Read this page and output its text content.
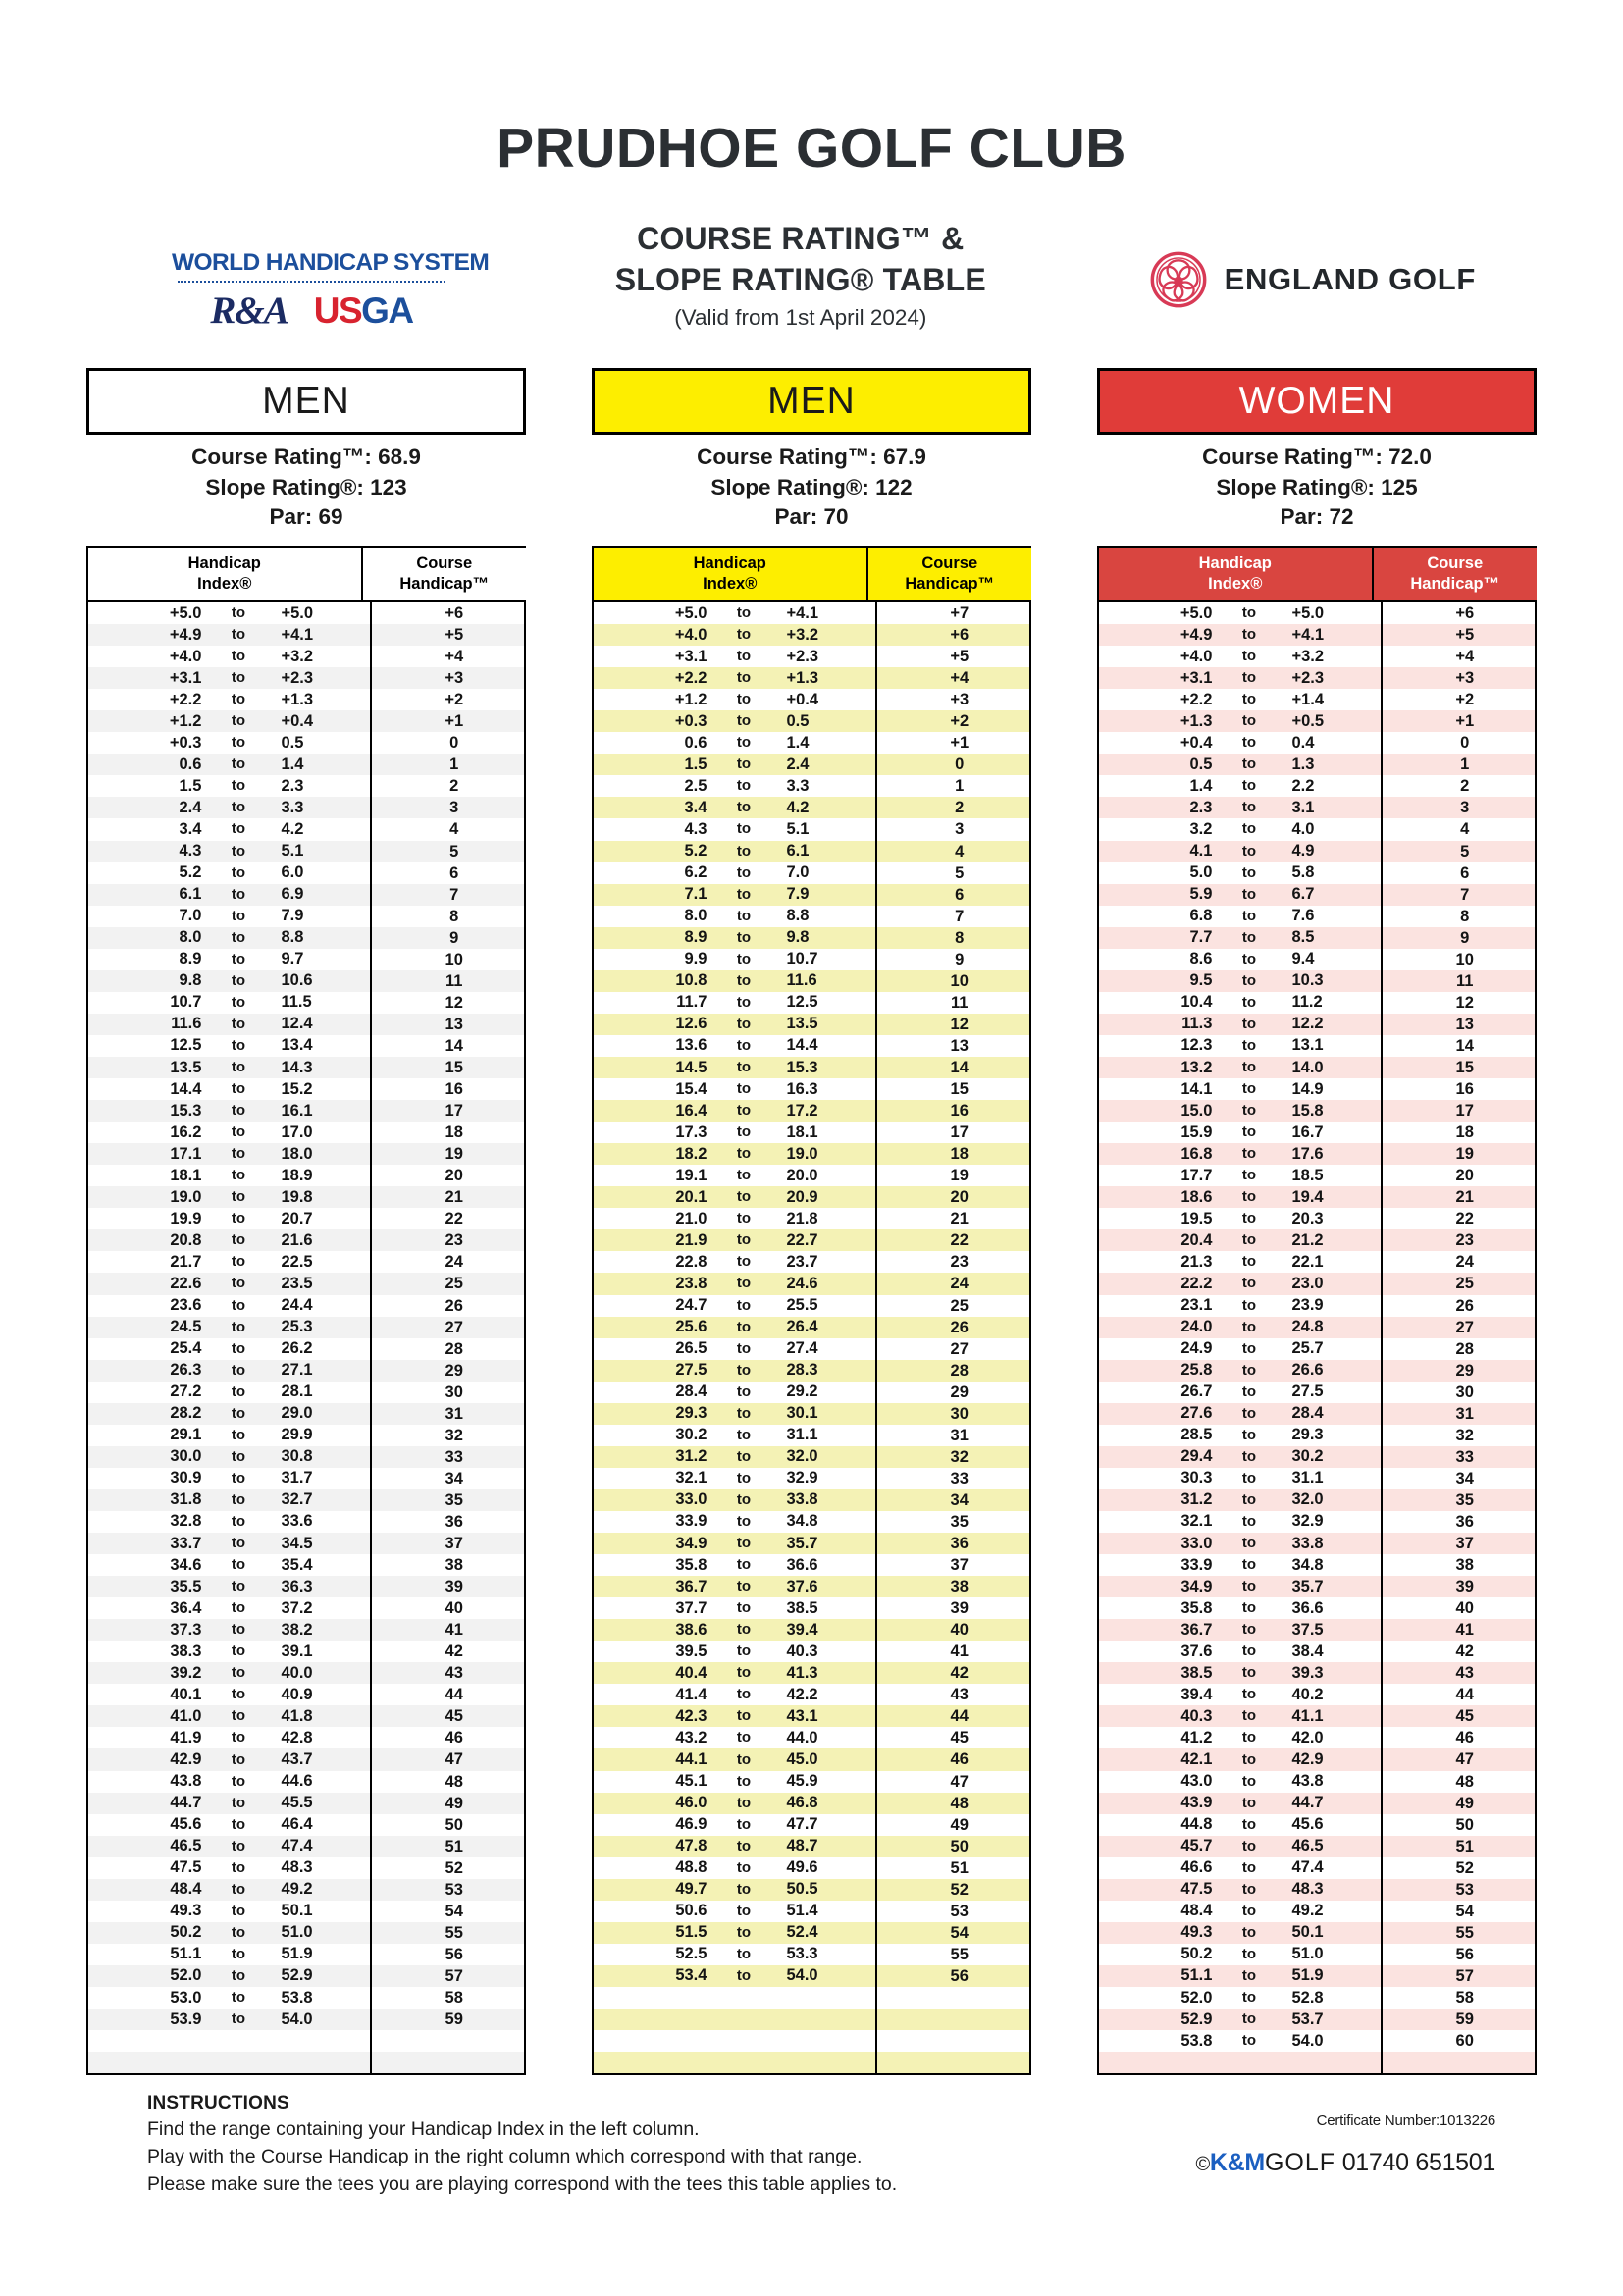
PRUDHOE GOLF CLUB
WORLD HANDICAP SYSTEM
R&A US GA
COURSE RATING™ &
SLOPE RATING® TABLE
(Valid from 1st April 2024)
ENGLAND GOLF
MEN
Course Rating™: 68.9
Slope Rating®: 123
Par: 69
Handicap
Index®
Course
Handicap™
+5.0	to	+5.0	+6
+4.9	to	+4.1	+5
+4.0	to	+3.2	+4
+3.1	to	+2.3	+3
+2.2	to	+1.3	+2
+1.2	to	+0.4	+1
+0.3	to	0.5	0
0.6	to	1.4	1
1.5	to	2.3	2
2.4	to	3.3	3
3.4	to	4.2	4
4.3	to	5.1	5
5.2	to	6.0	6
6.1	to	6.9	7
7.0	to	7.9	8
8.0	to	8.8	9
8.9	to	9.7	10
9.8	to	10.6	11
10.7	to	11.5	12
11.6	to	12.4	13
12.5	to	13.4	14
13.5	to	14.3	15
14.4	to	15.2	16
15.3	to	16.1	17
16.2	to	17.0	18
17.1	to	18.0	19
18.1	to	18.9	20
19.0	to	19.8	21
19.9	to	20.7	22
20.8	to	21.6	23
21.7	to	22.5	24
22.6	to	23.5	25
23.6	to	24.4	26
24.5	to	25.3	27
25.4	to	26.2	28
26.3	to	27.1	29
27.2	to	28.1	30
28.2	to	29.0	31
29.1	to	29.9	32
30.0	to	30.8	33
30.9	to	31.7	34
31.8	to	32.7	35
32.8	to	33.6	36
33.7	to	34.5	37
34.6	to	35.4	38
35.5	to	36.3	39
36.4	to	37.2	40
37.3	to	38.2	41
38.3	to	39.1	42
39.2	to	40.0	43
40.1	to	40.9	44
41.0	to	41.8	45
41.9	to	42.8	46
42.9	to	43.7	47
43.8	to	44.6	48
44.7	to	45.5	49
45.6	to	46.4	50
46.5	to	47.4	51
47.5	to	48.3	52
48.4	to	49.2	53
49.3	to	50.1	54
50.2	to	51.0	55
51.1	to	51.9	56
52.0	to	52.9	57
53.0	to	53.8	58
53.9	to	54.0	59
MEN
Course Rating™: 67.9
Slope Rating®: 122
Par: 70
Handicap
Index®
Course
Handicap™
+5.0	to	+4.1	+7
+4.0	to	+3.2	+6
+3.1	to	+2.3	+5
+2.2	to	+1.3	+4
+1.2	to	+0.4	+3
+0.3	to	0.5	+2
0.6	to	1.4	+1
1.5	to	2.4	0
2.5	to	3.3	1
3.4	to	4.2	2
4.3	to	5.1	3
5.2	to	6.1	4
6.2	to	7.0	5
7.1	to	7.9	6
8.0	to	8.8	7
8.9	to	9.8	8
9.9	to	10.7	9
10.8	to	11.6	10
11.7	to	12.5	11
12.6	to	13.5	12
13.6	to	14.4	13
14.5	to	15.3	14
15.4	to	16.3	15
16.4	to	17.2	16
17.3	to	18.1	17
18.2	to	19.0	18
19.1	to	20.0	19
20.1	to	20.9	20
21.0	to	21.8	21
21.9	to	22.7	22
22.8	to	23.7	23
23.8	to	24.6	24
24.7	to	25.5	25
25.6	to	26.4	26
26.5	to	27.4	27
27.5	to	28.3	28
28.4	to	29.2	29
29.3	to	30.1	30
30.2	to	31.1	31
31.2	to	32.0	32
32.1	to	32.9	33
33.0	to	33.8	34
33.9	to	34.8	35
34.9	to	35.7	36
35.8	to	36.6	37
36.7	to	37.6	38
37.7	to	38.5	39
38.6	to	39.4	40
39.5	to	40.3	41
40.4	to	41.3	42
41.4	to	42.2	43
42.3	to	43.1	44
43.2	to	44.0	45
44.1	to	45.0	46
45.1	to	45.9	47
46.0	to	46.8	48
46.9	to	47.7	49
47.8	to	48.7	50
48.8	to	49.6	51
49.7	to	50.5	52
50.6	to	51.4	53
51.5	to	52.4	54
52.5	to	53.3	55
53.4	to	54.0	56
WOMEN
Course Rating™: 72.0
Slope Rating®: 125
Par: 72
Handicap
Index®
Course
Handicap™
+5.0	to	+5.0	+6
+4.9	to	+4.1	+5
+4.0	to	+3.2	+4
+3.1	to	+2.3	+3
+2.2	to	+1.4	+2
+1.3	to	+0.5	+1
+0.4	to	0.4	0
0.5	to	1.3	1
1.4	to	2.2	2
2.3	to	3.1	3
3.2	to	4.0	4
4.1	to	4.9	5
5.0	to	5.8	6
5.9	to	6.7	7
6.8	to	7.6	8
7.7	to	8.5	9
8.6	to	9.4	10
9.5	to	10.3	11
10.4	to	11.2	12
11.3	to	12.2	13
12.3	to	13.1	14
13.2	to	14.0	15
14.1	to	14.9	16
15.0	to	15.8	17
15.9	to	16.7	18
16.8	to	17.6	19
17.7	to	18.5	20
18.6	to	19.4	21
19.5	to	20.3	22
20.4	to	21.2	23
21.3	to	22.1	24
22.2	to	23.0	25
23.1	to	23.9	26
24.0	to	24.8	27
24.9	to	25.7	28
25.8	to	26.6	29
26.7	to	27.5	30
27.6	to	28.4	31
28.5	to	29.3	32
29.4	to	30.2	33
30.3	to	31.1	34
31.2	to	32.0	35
32.1	to	32.9	36
33.0	to	33.8	37
33.9	to	34.8	38
34.9	to	35.7	39
35.8	to	36.6	40
36.7	to	37.5	41
37.6	to	38.4	42
38.5	to	39.3	43
39.4	to	40.2	44
40.3	to	41.1	45
41.2	to	42.0	46
42.1	to	42.9	47
43.0	to	43.8	48
43.9	to	44.7	49
44.8	to	45.6	50
45.7	to	46.5	51
46.6	to	47.4	52
47.5	to	48.3	53
48.4	to	49.2	54
49.3	to	50.1	55
50.2	to	51.0	56
51.1	to	51.9	57
52.0	to	52.8	58
52.9	to	53.7	59
53.8	to	54.0	60
INSTRUCTIONS
Find the range containing your Handicap Index in the left column.
Play with the Course Handicap in the right column which correspond with that range.
Please make sure the tees you are playing correspond with the tees this table applies to.
Certificate Number:1013226
©K&MGOLF 01740 651501
